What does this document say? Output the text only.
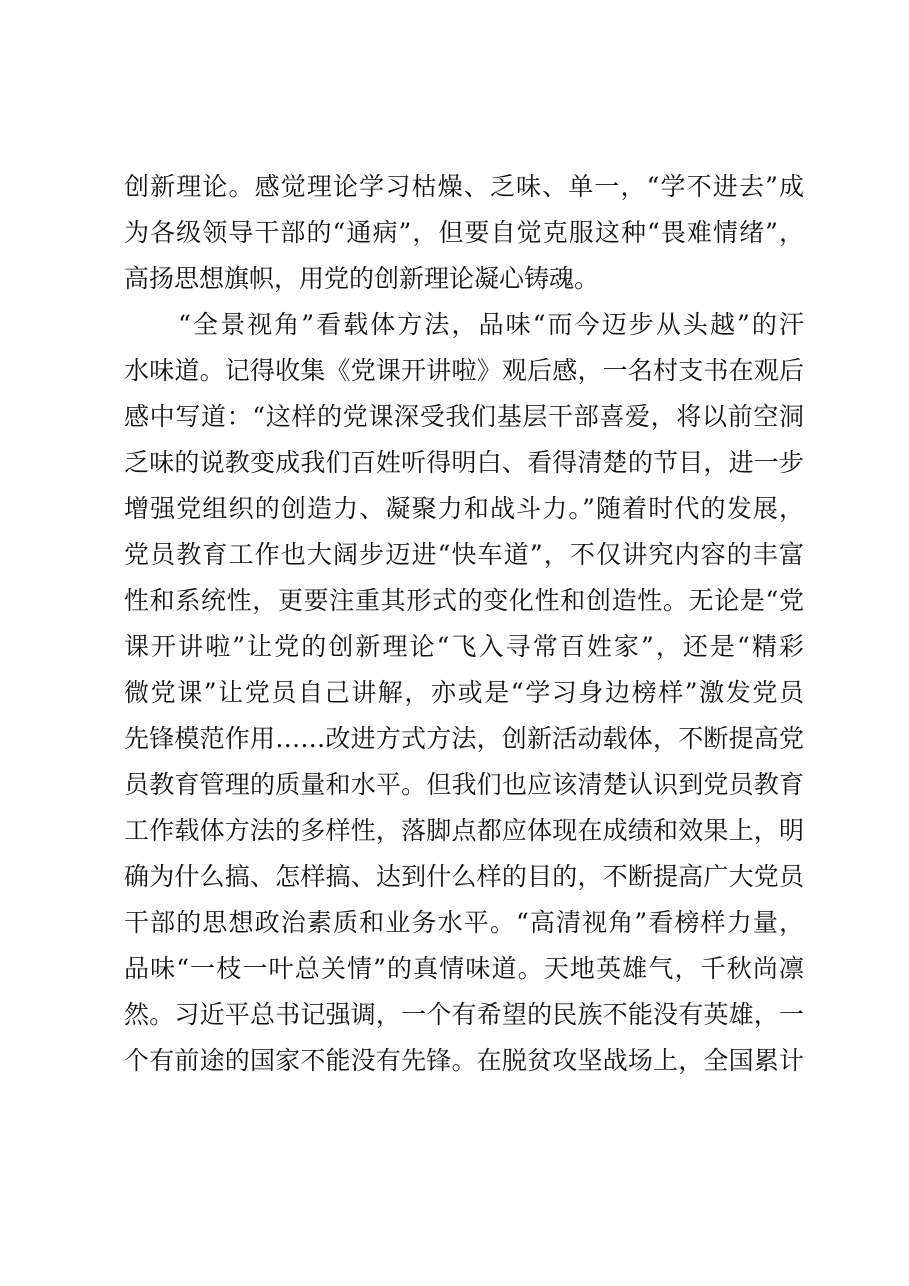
创新理论。感觉理论学习枯燥、乏味、单一，“学不进去”成
为各级领导干部的“通病”，但要自觉克服这种“畏难情绪”，
高扬思想旗帜，用党的创新理论凝心铸魂。
　　“全景视角”看载体方法，品味“而今迈步从头越”的汗
水味道。记得收集《党课开讲啦》观后感，一名村支书在观后
感中写道：“这样的党课深受我们基层干部喜爱，将以前空洞
乏味的说教变成我们百姓听得明白、看得清楚的节目，进一步
增强党组织的创造力、凝聚力和战斗力。”随着时代的发展，
党员教育工作也大阔步迈进“快车道”，不仅讲究内容的丰富
性和系统性，更要注重其形式的变化性和创造性。无论是“党
课开讲啦”让党的创新理论“飞入寻常百姓家”，还是“精彩
微党课”让党员自己讲解，亦或是“学习身边榜样”激发党员
先锋模范作用……改进方式方法，创新活动载体，不断提高党
员教育管理的质量和水平。但我们也应该清楚认识到党员教育
工作载体方法的多样性，落脚点都应体现在成绩和效果上，明
确为什么搞、怎样搞、达到什么样的目的，不断提高广大党员
干部的思想政治素质和业务水平。“高清视角”看榜样力量，
品味“一枝一叶总关情”的真情味道。天地英雄气，千秋尚凛
然。习近平总书记强调，一个有希望的民族不能没有英雄，一
个有前途的国家不能没有先锋。在脱贫攻坚战场上，全国累计
